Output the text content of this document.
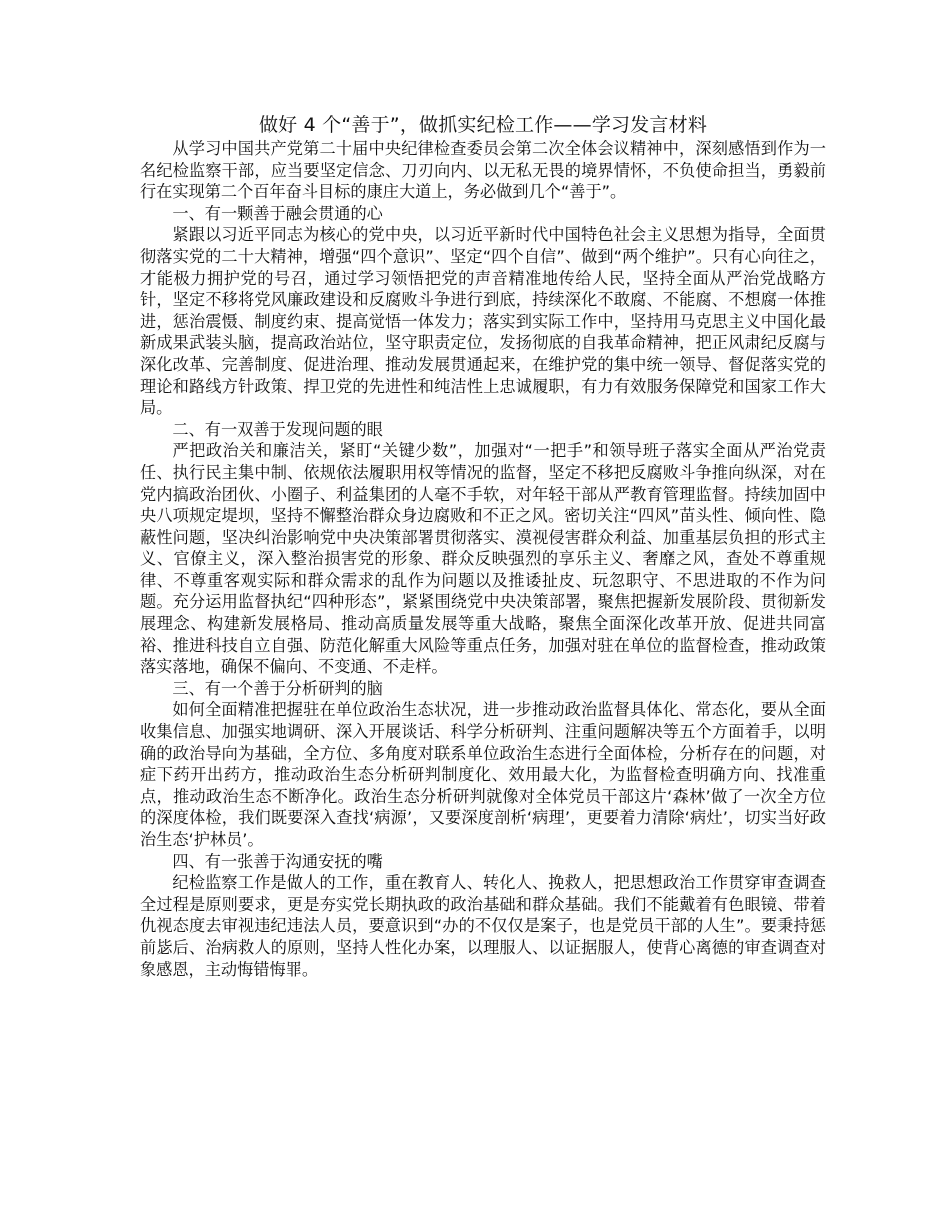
做好 4 个“善于”，做抓实纪检工作——学习发言材料

从学习中国共产党第二十届中央纪律检查委员会第二次全体会议精神中，深刻感悟到作为一名纪检监察干部，应当要坚定信念、刀刃向内、以无私无畏的境界情怀，不负使命担当，勇毅前行在实现第二个百年奋斗目标的康庄大道上，务必做到几个“善于”。

一、有一颗善于融会贯通的心

紧跟以习近平同志为核心的党中央，以习近平新时代中国特色社会主义思想为指导，全面贯彻落实党的二十大精神，增强“四个意识”、坚定“四个自信”、做到“两个维护”。只有心向往之，才能极力拥护党的号召，通过学习领悟把党的声音精准地传给人民，坚持全面从严治党战略方针，坚定不移将党风廉政建设和反腐败斗争进行到底，持续深化不敢腐、不能腐、不想腐一体推进，惩治震慑、制度约束、提高觉悟一体发力；落实到实际工作中，坚持用马克思主义中国化最新成果武装头脑，提高政治站位，坚守职责定位，发扬彻底的自我革命精神，把正风肃纪反腐与深化改革、完善制度、促进治理、推动发展贯通起来，在维护党的集中统一领导、督促落实党的理论和路线方针政策、捍卫党的先进性和纯洁性上忠诚履职，有力有效服务保障党和国家工作大局。

二、有一双善于发现问题的眼

严把政治关和廉洁关，紧盯“关键少数”，加强对“一把手”和领导班子落实全面从严治党责任、执行民主集中制、依规依法履职用权等情况的监督，坚定不移把反腐败斗争推向纵深，对在党内搞政治团伙、小圈子、利益集团的人毫不手软，对年轻干部从严教育管理监督。持续加固中央八项规定堤坝，坚持不懈整治群众身边腐败和不正之风。密切关注“四风”苗头性、倾向性、隐蔽性问题，坚决纠治影响党中央决策部署贯彻落实、漠视侵害群众利益、加重基层负担的形式主义、官僚主义，深入整治损害党的形象、群众反映强烈的享乐主义、奢靡之风，查处不尊重规律、不尊重客观实际和群众需求的乱作为问题以及推诿扯皮、玩忽职守、不思进取的不作为问题。充分运用监督执纪“四种形态”，紧紧围绕党中央决策部署，聚焦把握新发展阶段、贯彻新发展理念、构建新发展格局、推动高质量发展等重大战略，聚焦全面深化改革开放、促进共同富裕、推进科技自立自强、防范化解重大风险等重点任务，加强对驻在单位的监督检查，推动政策落实落地，确保不偏向、不变通、不走样。

三、有一个善于分析研判的脑

如何全面精准把握驻在单位政治生态状况，进一步推动政治监督具体化、常态化，要从全面收集信息、加强实地调研、深入开展谈话、科学分析研判、注重问题解决等五个方面着手，以明确的政治导向为基础，全方位、多角度对联系单位政治生态进行全面体检，分析存在的问题，对症下药开出药方，推动政治生态分析研判制度化、效用最大化，为监督检查明确方向、找准重点，推动政治生态不断净化。政治生态分析研判就像对全体党员干部这片‘森林’做了一次全方位的深度体检，我们既要深入查找‘病源’，又要深度剖析‘病理’，更要着力清除‘病灶’，切实当好政治生态‘护林员’。

四、有一张善于沟通安抚的嘴

纪检监察工作是做人的工作，重在教育人、转化人、挽救人，把思想政治工作贯穿审查调查全过程是原则要求，更是夯实党长期执政的政治基础和群众基础。我们不能戴着有色眼镜、带着仇视态度去审视违纪违法人员，要意识到“办的不仅仅是案子，也是党员干部的人生”。要秉持惩前毖后、治病救人的原则，坚持人性化办案，以理服人、以证据服人，使背心离德的审查调查对象感恩，主动悔错悔罪。
